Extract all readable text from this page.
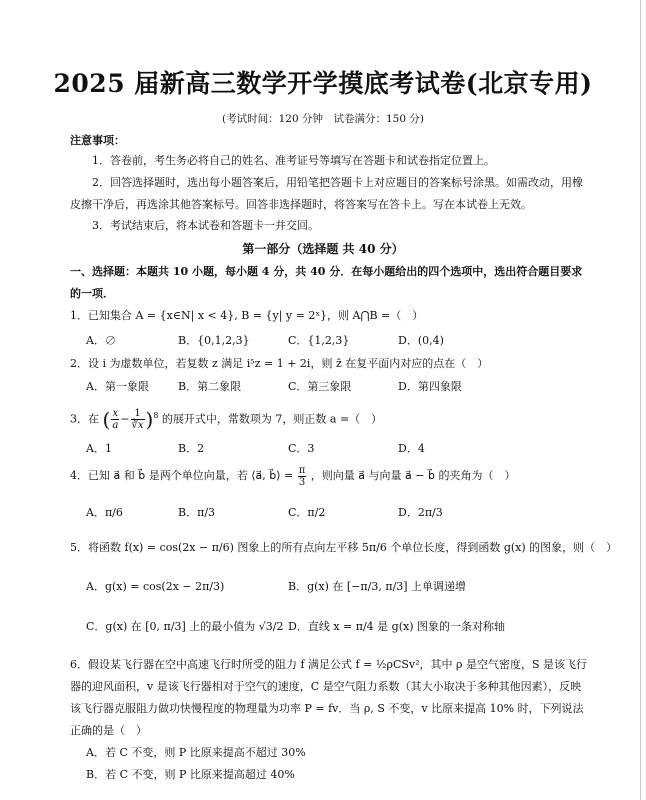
2025 届新高三数学开学摸底考试卷(北京专用)
(考试时间：120 分钟　试卷满分：150 分)
注意事项：
1．答卷前，考生务必将自己的姓名、准考证号等填写在答题卡和试卷指定位置上。
2．回答选择题时，选出每小题答案后，用铅笔把答题卡上对应题目的答案标号涂黑。如需改动，用橡皮擦干净后，再选涂其他答案标号。回答非选择题时，将答案写在答卡上。写在本试卷上无效。
3．考试结束后，将本试卷和答题卡一并交回。
第一部分（选择题 共 40 分）
一、选择题：本题共 10 小题，每小题 4 分，共 40 分．在每小题给出的四个选项中，选出符合题目要求的一项．
1．已知集合 A = {x∈N| x < 4}, B = {y| y = 2ˣ}，则 A⋂B =（　）
A．∅	B．{0,1,2,3}	C．{1,2,3}	D．(0,4)
2．设 i 为虚数单位，若复数 z 满足 i⁵z = 1 + 2i，则 z̄ 在复平面内对应的点在（　）
A．第一象限	B．第二象限	C．第三象限	D．第四象限
3．在 ( $\frac{x}{a} - \frac{1}{∛x} )^8$ 的展开式中，常数项为 7，则正数 a =（　）
A．1	B．2	C．3	D．4
4．已知 a⃗ 和 b⃗ 是两个单位向量，若 ⟨a⃗, b⃗⟩ = $\frac{\pi}{3}$ ，则向量 a⃗ 与向量 a⃗ − b⃗ 的夹角为（　）
A．π/6	B．π/3	C．π/2	D．2π/3
5．将函数 f(x) = cos(2x − π/6) 图象上的所有点向左平移 5π/6 个单位长度，得到函数 g(x) 的图象，则（　）
A．g(x) = cos(2x − 2π/3)	B．g(x) 在 [−π/3, π/3] 上单调递增
C．g(x) 在 [0, π/3] 上的最小值为 √3/2 D．直线 x = π/4 是 g(x) 图象的一条对称轴
6．假设某飞行器在空中高速飞行时所受的阻力 f 满足公式 f = ½ρCSv²，其中 ρ 是空气密度，S 是该飞行器的迎风面积，v 是该飞行器相对于空气的速度，C 是空气阻力系数（其大小取决于多种其他因素），反映该飞行器克服阻力做功快慢程度的物理量为功率 P = fv．当 ρ, S 不变，v 比原来提高 10% 时，下列说法正确的是（　）
A．若 C 不变，则 P 比原来提高不超过 30%
B．若 C 不变，则 P 比原来提高超过 40%
